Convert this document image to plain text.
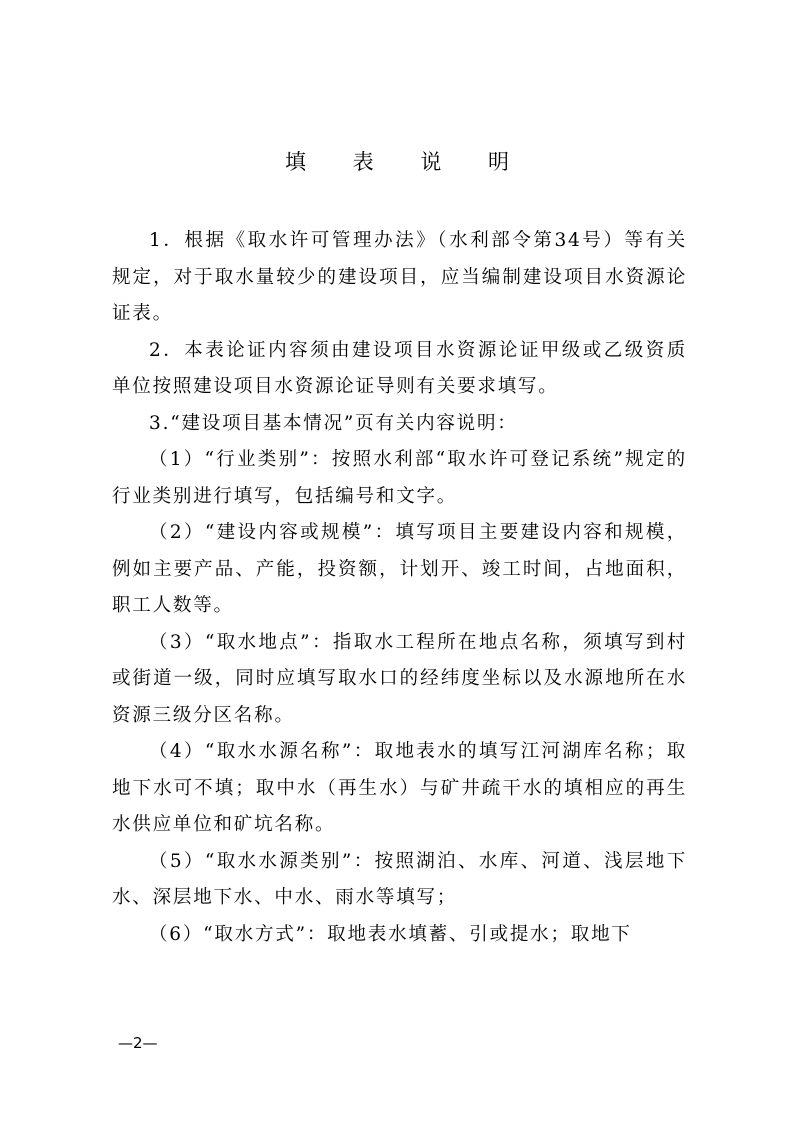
填 表 说 明

1．根据《取水许可管理办法》（水利部令第34号）等有关规定，对于取水量较少的建设项目，应当编制建设项目水资源论证表。

2．本表论证内容须由建设项目水资源论证甲级或乙级资质单位按照建设项目水资源论证导则有关要求填写。

3.“建设项目基本情况”页有关内容说明：

（1）“行业类别”：按照水利部“取水许可登记系统”规定的行业类别进行填写，包括编号和文字。

（2）“建设内容或规模”：填写项目主要建设内容和规模，例如主要产品、产能，投资额，计划开、竣工时间，占地面积，职工人数等。

（3）“取水地点”：指取水工程所在地点名称，须填写到村或街道一级，同时应填写取水口的经纬度坐标以及水源地所在水资源三级分区名称。

（4）“取水水源名称”：取地表水的填写江河湖库名称；取地下水可不填；取中水（再生水）与矿井疏干水的填相应的再生水供应单位和矿坑名称。

（5）“取水水源类别”：按照湖泊、水库、河道、浅层地下水、深层地下水、中水、雨水等填写；

（6）“取水方式”：取地表水填蓄、引或提水；取地下

—2—
